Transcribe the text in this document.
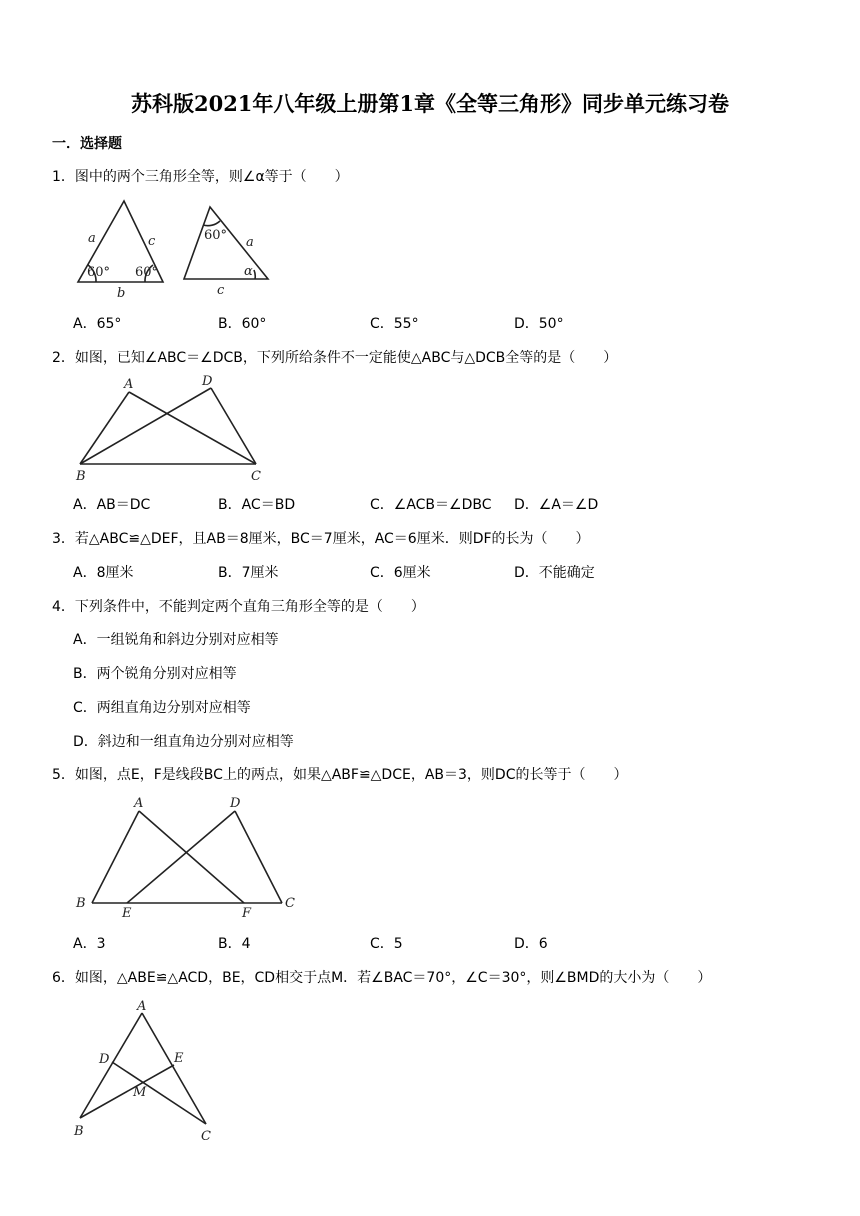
苏科版2021年八年级上册第1章《全等三角形》同步单元练习卷
一．选择题
1．图中的两个三角形全等，则∠α等于（　　）
a	c
60° 60°
b
60° a
α
c
A．65°	B．60°	C．55°	D．50°
2．如图，已知∠ABC＝∠DCB，下列所给条件不一定能使△ABC与△DCB全等的是（　　）
A	D
B	C
A．AB＝DC	B．AC＝BD	C．∠ACB＝∠DBC D．∠A＝∠D
3．若△ABC≌△DEF，且AB＝8厘米，BC＝7厘米，AC＝6厘米．则DF的长为（　　）
A．8厘米	B．7厘米	C．6厘米	D．不能确定
4．下列条件中，不能判定两个直角三角形全等的是（　　）
A．一组锐角和斜边分别对应相等
B．两个锐角分别对应相等
C．两组直角边分别对应相等
D．斜边和一组直角边分别对应相等
5．如图，点E，F是线段BC上的两点，如果△ABF≌△DCE，AB＝3，则DC的长等于（　　）
A	D
B
E	F
C
A．3	B．4	C．5	D．6
6．如图，△ABE≌△ACD，BE，CD相交于点M．若∠BAC＝70°，∠C＝30°，则∠BMD的大小为（　　）
A
D	E
M
B	C
